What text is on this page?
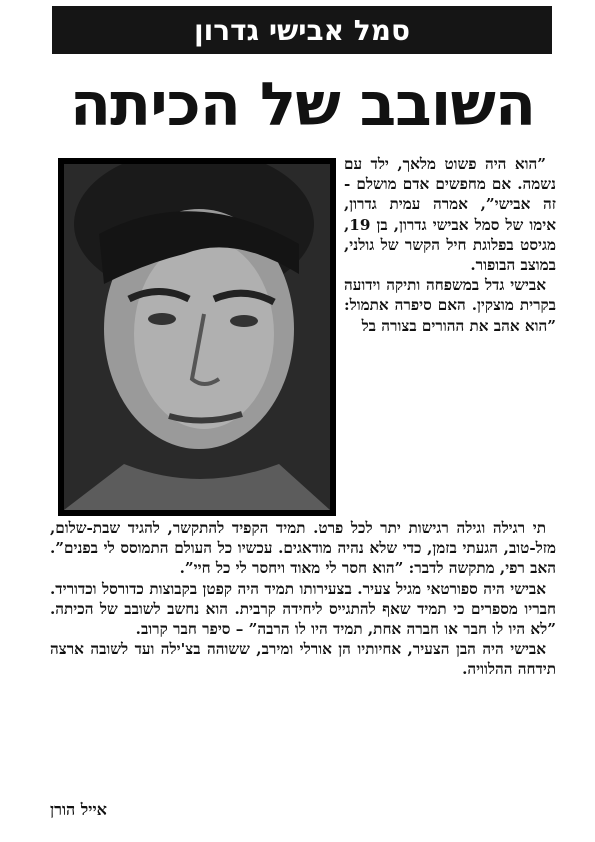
סמל אבישי גדרון
השובב של הכיתה

”הוא היה פשוט מלאך, ילד עם נשמה. אם מחפשים אדם מושלם - זה אבישי”, אמרה עמית גדרון, אימו של סמל אבישי גדרון, בן 19, מגיסט בפלוגת חיל הקשר של גולני, במוצב הבופור.

אבישי גדל במשפחה ותיקה וידועה בקרית מוצקין. האם סיפרה אתמול: ”הוא אהב את ההורים בצורה בל

תי רגילה וגילה רגישות יתר לכל פרט. תמיד הקפיד להתקשר, להגיד שבת-שלום, מזל-טוב, הגעתי בזמן, כדי שלא נהיה מודאגים. עכשיו כל העולם התמוסס לי בפנים”. האב רפי, מתקשה לדבר: ”הוא חסר לי מאוד ויחסר לי כל חיי”.

אבישי היה ספורטאי מגיל צעיר. בצעירותו תמיד היה קפטן בקבוצות כדורסל וכדוריד. חבריו מספרים כי תמיד שאף להתגייס ליחידה קרבית. הוא נחשב לשובב של הכיתה. ”לא היו לו חבר או חברה אחת, תמיד היו לו הרבה” – סיפר חבר קרוב.

אבישי היה הבן הצעיר, אחיותיו הן אורלי ומירב, ששוהה בצ'ילה ועד לשובה ארצה תידחה ההלוויה.

אייל הורן
